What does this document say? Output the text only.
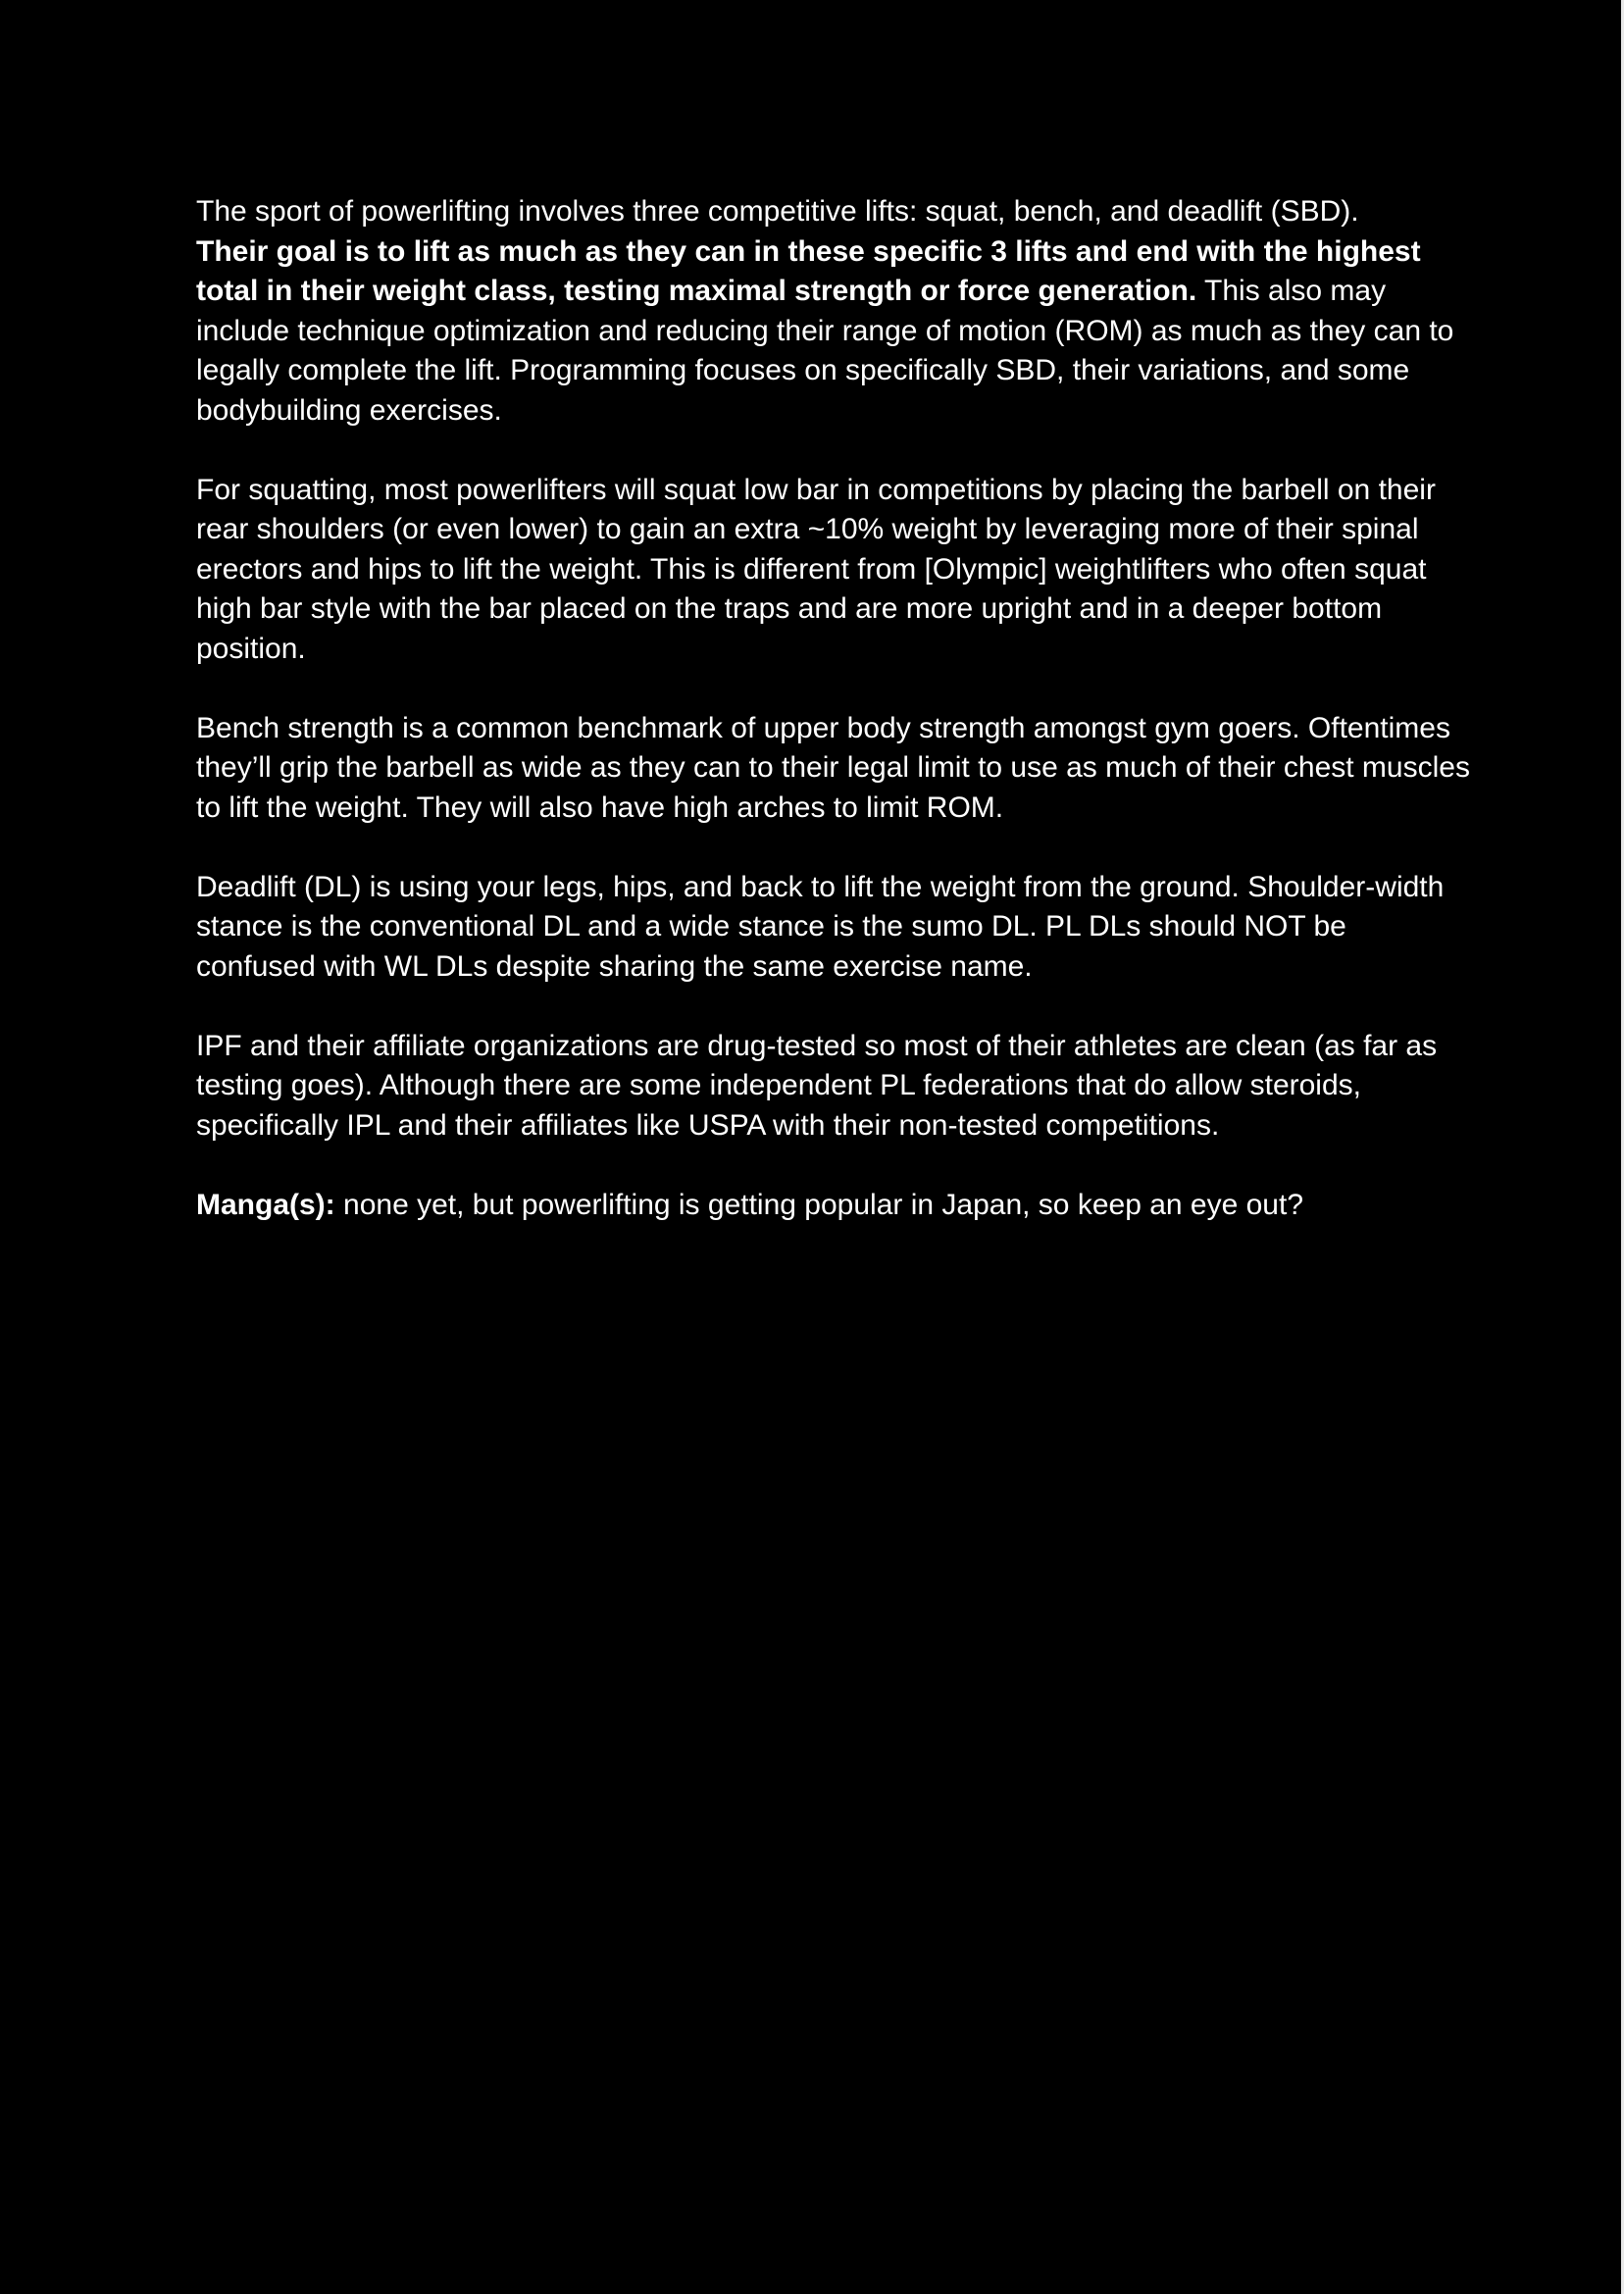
The sport of powerlifting involves three competitive lifts: squat, bench, and deadlift (SBD).
Their goal is to lift as much as they can in these specific 3 lifts and end with the highest total in their weight class, testing maximal strength or force generation. This also may include technique optimization and reducing their range of motion (ROM) as much as they can to legally complete the lift. Programming focuses on specifically SBD, their variations, and some bodybuilding exercises.

For squatting, most powerlifters will squat low bar in competitions by placing the barbell on their rear shoulders (or even lower) to gain an extra ~10% weight by leveraging more of their spinal erectors and hips to lift the weight. This is different from [Olympic] weightlifters who often squat high bar style with the bar placed on the traps and are more upright and in a deeper bottom position.

Bench strength is a common benchmark of upper body strength amongst gym goers. Oftentimes they’ll grip the barbell as wide as they can to their legal limit to use as much of their chest muscles to lift the weight. They will also have high arches to limit ROM.

Deadlift (DL) is using your legs, hips, and back to lift the weight from the ground. Shoulder-width stance is the conventional DL and a wide stance is the sumo DL. PL DLs should NOT be confused with WL DLs despite sharing the same exercise name.

IPF and their affiliate organizations are drug-tested so most of their athletes are clean (as far as testing goes). Although there are some independent PL federations that do allow steroids, specifically IPL and their affiliates like USPA with their non-tested competitions.

Manga(s): none yet, but powerlifting is getting popular in Japan, so keep an eye out?
